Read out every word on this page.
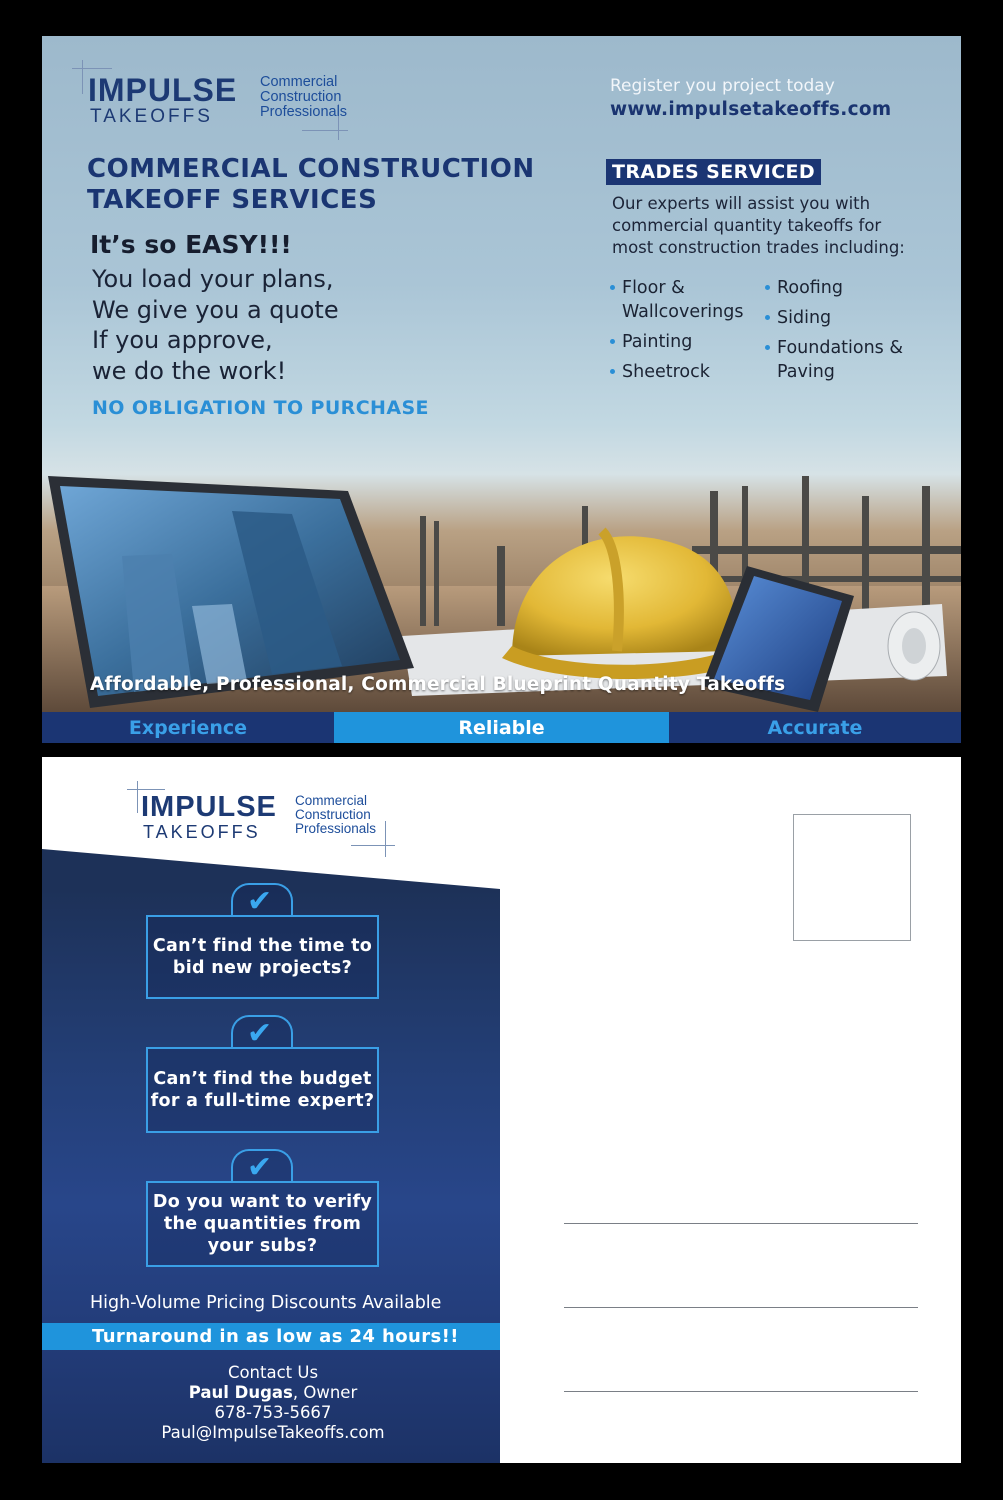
IMPULSE
TAKEOFFS
Commercial
Construction
Professionals
Register you project today
www.impulsetakeoffs.com
COMMERCIAL CONSTRUCTION
TAKEOFF SERVICES
It’s so EASY!!!
You load your plans,
We give you a quote
If you approve,
we do the work!
NO OBLIGATION TO PURCHASE
TRADES SERVICED
Our experts will assist you with commercial quantity takeoffs for most construction trades including:
Floor & Wallcoverings
Painting
Sheetrock
Roofing
Siding
Foundations & Paving
Affordable, Professional, Commercial Blueprint Quantity Takeoffs
Experience	Reliable	Accurate
IMPULSE
TAKEOFFS
Commercial
Construction
Professionals
✔
Can’t find the time to bid new projects?
✔
Can’t find the budget for a full-time expert?
✔
Do you want to verify the quantities from your subs?
High-Volume Pricing Discounts Available
Turnaround in as low as 24 hours!!
Contact Us
Paul Dugas, Owner
678-753-5667
Paul@ImpulseTakeoffs.com
